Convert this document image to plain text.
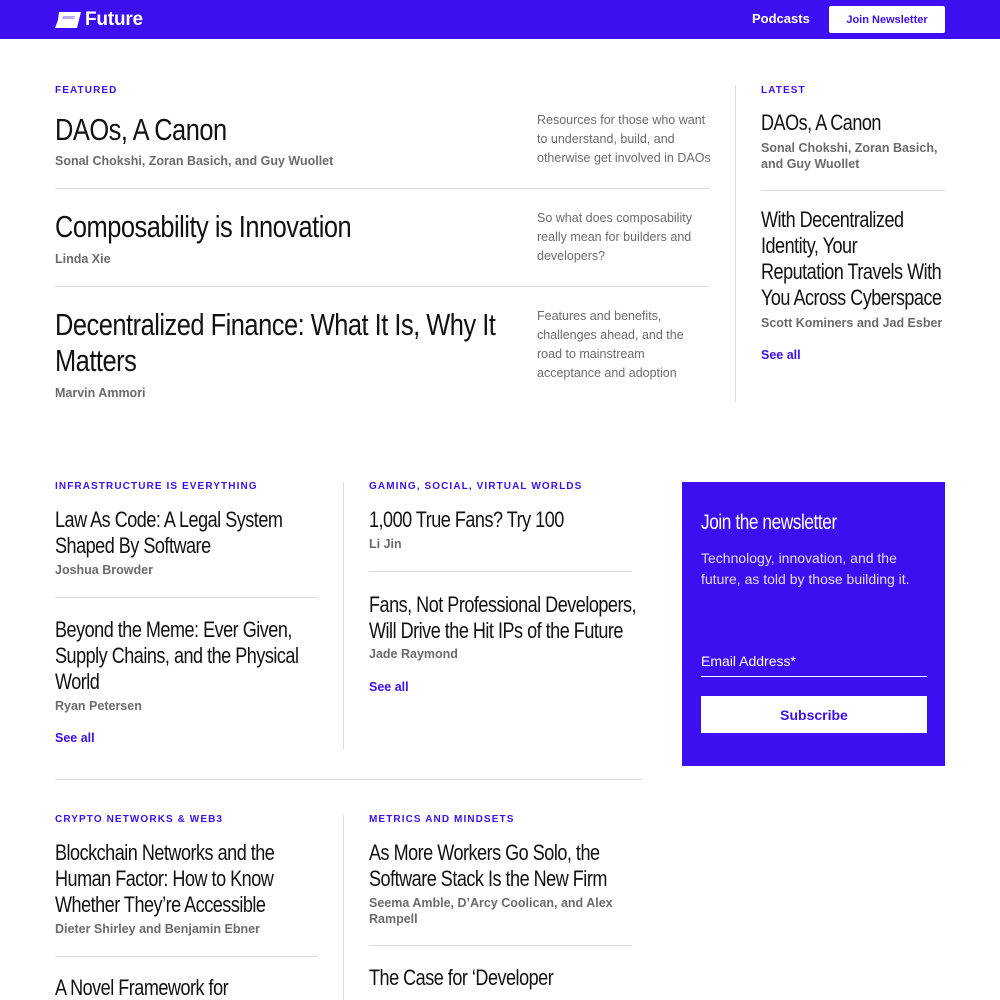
Future	Podcasts	Join Newsletter
FEATURED
DAOs, A Canon
Sonal Chokshi, Zoran Basich, and Guy Wuollet
Resources for those who want to understand, build, and otherwise get involved in DAOs
Composability is Innovation
Linda Xie
So what does composability really mean for builders and developers?
Decentralized Finance: What It Is, Why It
Matters
Marvin Ammori
Features and benefits, challenges ahead, and the road to mainstream acceptance and adoption
LATEST
DAOs, A Canon
Sonal Chokshi, Zoran Basich,
and Guy Wuollet
With Decentralized
Identity, Your
Reputation Travels With
You Across Cyberspace
Scott Kominers and Jad Esber
See all
INFRASTRUCTURE IS EVERYTHING
Law As Code: A Legal System
Shaped By Software
Joshua Browder
Beyond the Meme: Ever Given,
Supply Chains, and the Physical
World
Ryan Petersen
See all
GAMING, SOCIAL, VIRTUAL WORLDS
1,000 True Fans? Try 100
Li Jin
Fans, Not Professional Developers,
Will Drive the Hit IPs of the Future
Jade Raymond
See all
Join the newsletter
Technology, innovation, and the future, as told by those building it.
Email Address*
Subscribe
CRYPTO NETWORKS & WEB3
Blockchain Networks and the
Human Factor: How to Know
Whether They’re Accessible
Dieter Shirley and Benjamin Ebner
A Novel Framework for
METRICS AND MINDSETS
As More Workers Go Solo, the
Software Stack Is the New Firm
Seema Amble, D’Arcy Coolican, and Alex
Rampell
The Case for ‘Developer
